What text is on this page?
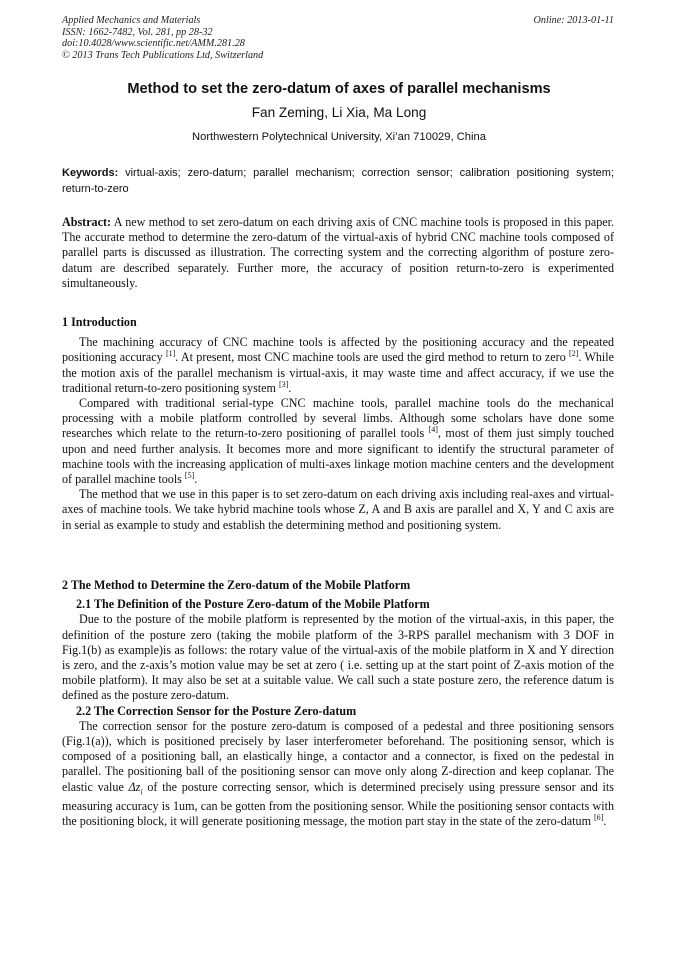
Applied Mechanics and Materials
ISSN: 1662-7482, Vol. 281, pp 28-32
doi:10.4028/www.scientific.net/AMM.281.28
© 2013 Trans Tech Publications Ltd, Switzerland
Online: 2013-01-11
Method to set the zero-datum of axes of parallel mechanisms
Fan Zeming, Li Xia, Ma Long
Northwestern Polytechnical University, Xi’an 710029, China
Keywords: virtual-axis; zero-datum; parallel mechanism; correction sensor; calibration positioning system; return-to-zero

Abstract: A new method to set zero-datum on each driving axis of CNC machine tools is proposed in this paper. The accurate method to determine the zero-datum of the virtual-axis of hybrid CNC machine tools composed of parallel parts is discussed as illustration. The correcting system and the correcting algorithm of posture zero-datum are described separately. Further more, the accuracy of position return-to-zero is experimented simultaneously.

1 Introduction

The machining accuracy of CNC machine tools is affected by the positioning accuracy and the repeated positioning accuracy [1]. At present, most CNC machine tools are used the gird method to return to zero [2]. While the motion axis of the parallel mechanism is virtual-axis, it may waste time and affect accuracy, if we use the traditional return-to-zero positioning system [3].

Compared with traditional serial-type CNC machine tools, parallel machine tools do the mechanical processing with a mobile platform controlled by several limbs. Although some scholars have done some researches which relate to the return-to-zero positioning of parallel tools [4], most of them just simply touched upon and need further analysis. It becomes more and more significant to identify the structural parameter of machine tools with the increasing application of multi-axes linkage motion machine centers and the development of parallel machine tools [5].

The method that we use in this paper is to set zero-datum on each driving axis including real-axes and virtual-axes of machine tools. We take hybrid machine tools whose Z, A and B axis are parallel and X, Y and C axis are in serial as example to study and establish the determining method and positioning system.

2 The Method to Determine the Zero-datum of the Mobile Platform

2.1 The Definition of the Posture Zero-datum of the Mobile Platform

Due to the posture of the mobile platform is represented by the motion of the virtual-axis, in this paper, the definition of the posture zero (taking the mobile platform of the 3-RPS parallel mechanism with 3 DOF in Fig.1(b) as example)is as follows: the rotary value of the virtual-axis of the mobile platform in X and Y direction is zero, and the z-axis’s motion value may be set at zero ( i.e. setting up at the start point of Z-axis motion of the mobile platform). It may also be set at a suitable value. We call such a state posture zero, the reference datum is defined as the posture zero-datum.

2.2 The Correction Sensor for the Posture Zero-datum

The correction sensor for the posture zero-datum is composed of a pedestal and three positioning sensors (Fig.1(a)), which is positioned precisely by laser interferometer beforehand. The positioning sensor, which is composed of a positioning ball, an elastically hinge, a contactor and a connector, is fixed on the pedestal in parallel. The positioning ball of the positioning sensor can move only along Z-direction and keep coplanar. The elastic value $\Delta z_i$ of the posture correcting sensor, which is determined precisely using pressure sensor and its measuring accuracy is 1um, can be gotten from the positioning sensor. While the positioning sensor contacts with the positioning block, it will generate positioning message, the motion part stay in the state of the zero-datum [6].
